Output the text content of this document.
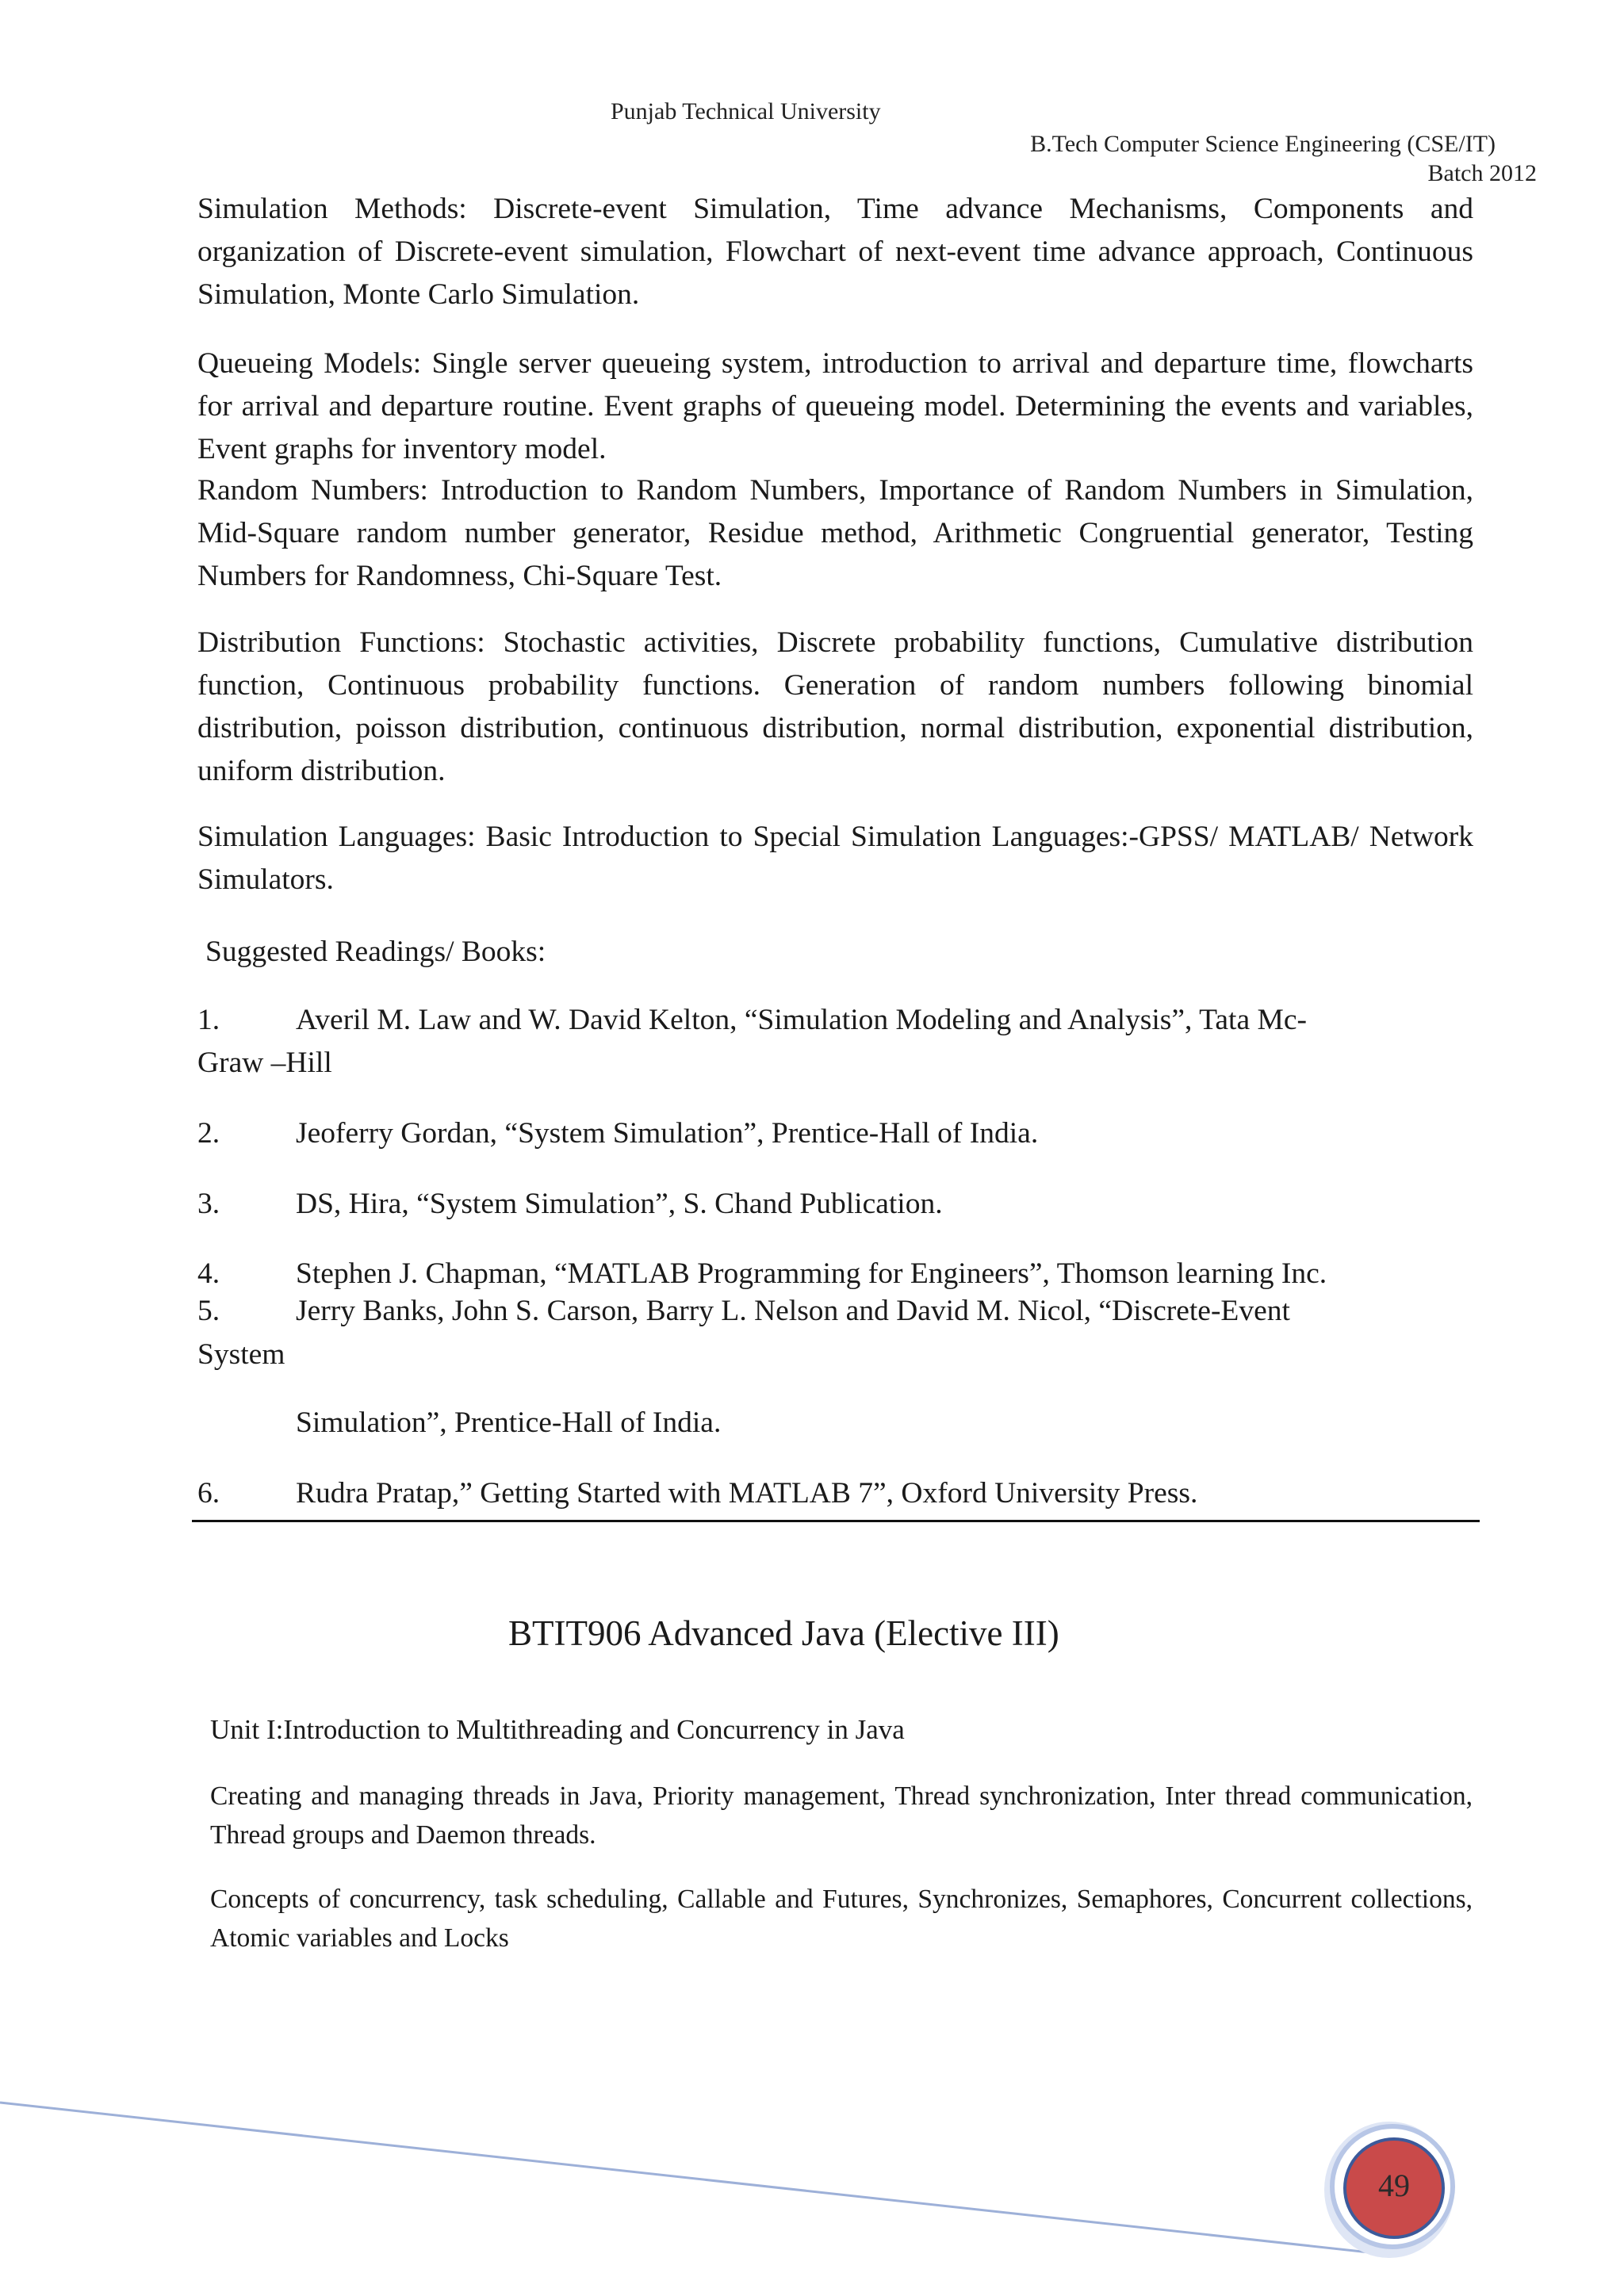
Punjab Technical University
B.Tech Computer Science Engineering (CSE/IT)
Batch 2012

Simulation Methods: Discrete-event Simulation, Time advance Mechanisms, Components and organization of Discrete-event simulation, Flowchart of next-event time advance approach, Continuous Simulation, Monte Carlo Simulation.

Queueing Models: Single server queueing system, introduction to arrival and departure time, flowcharts for arrival and departure routine. Event graphs of queueing model. Determining the events and variables, Event graphs for inventory model.

Random Numbers: Introduction to Random Numbers, Importance of Random Numbers in Simulation, Mid-Square random number generator, Residue method, Arithmetic Congruential generator, Testing Numbers for Randomness, Chi-Square Test.

Distribution Functions: Stochastic activities, Discrete probability functions, Cumulative distribution function, Continuous probability functions. Generation of random numbers following binomial distribution, poisson distribution, continuous distribution, normal distribution, exponential distribution, uniform distribution.

Simulation Languages: Basic Introduction to Special Simulation Languages:-GPSS/ MATLAB/ Network Simulators.

Suggested Readings/ Books:
1.	Averil M. Law and W. David Kelton, “Simulation Modeling and Analysis”, Tata Mc-
Graw –Hill
2.	Jeoferry Gordan, “System Simulation”, Prentice-Hall of India.
3.	DS, Hira, “System Simulation”, S. Chand Publication.
4.	Stephen J. Chapman, “MATLAB Programming for Engineers”, Thomson learning Inc.
5.	Jerry Banks, John S. Carson, Barry L. Nelson and David M. Nicol, “Discrete-Event
System
Simulation”, Prentice-Hall of India.
6.	Rudra Pratap,” Getting Started with MATLAB 7”, Oxford University Press.
BTIT906 Advanced Java (Elective III)
Unit I:Introduction to Multithreading and Concurrency in Java

Creating and managing threads in Java, Priority management, Thread synchronization, Inter thread communication, Thread groups and Daemon threads.

Concepts of concurrency, task scheduling, Callable and Futures, Synchronizes, Semaphores, Concurrent collections, Atomic variables and Locks

49
